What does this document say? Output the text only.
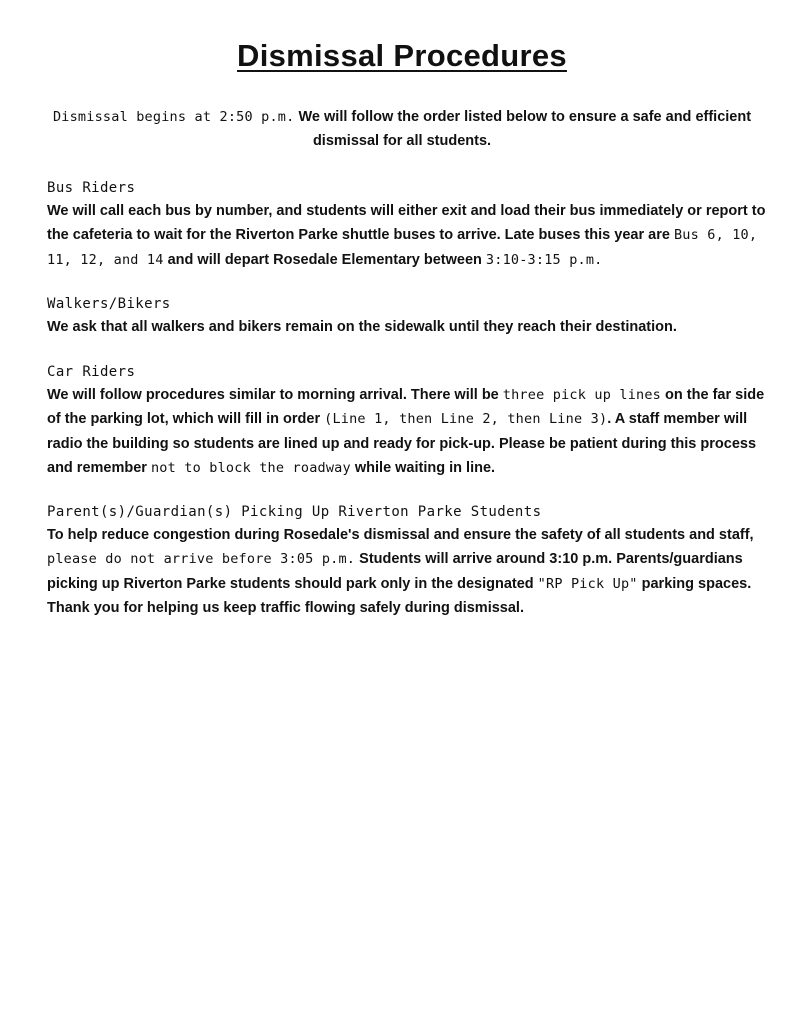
Dismissal Procedures

Dismissal begins at 2:50 p.m. We will follow the order listed below to ensure a safe and efficient dismissal for all students.

Bus Riders

We will call each bus by number, and students will either exit and load their bus immediately or report to the cafeteria to wait for the Riverton Parke shuttle buses to arrive. Late buses this year are Bus 6, 10, 11, 12, and 14 and will depart Rosedale Elementary between 3:10-3:15 p.m.

Walkers/Bikers

We ask that all walkers and bikers remain on the sidewalk until they reach their destination.

Car Riders

We will follow procedures similar to morning arrival. There will be three pick up lines on the far side of the parking lot, which will fill in order (Line 1, then Line 2, then Line 3). A staff member will radio the building so students are lined up and ready for pick-up. Please be patient during this process and remember not to block the roadway while waiting in line.

Parent(s)/Guardian(s) Picking Up Riverton Parke Students

To help reduce congestion during Rosedale's dismissal and ensure the safety of all students and staff, please do not arrive before 3:05 p.m. Students will arrive around 3:10 p.m. Parents/guardians picking up Riverton Parke students should park only in the designated "RP Pick Up" parking spaces. Thank you for helping us keep traffic flowing safely during dismissal.
